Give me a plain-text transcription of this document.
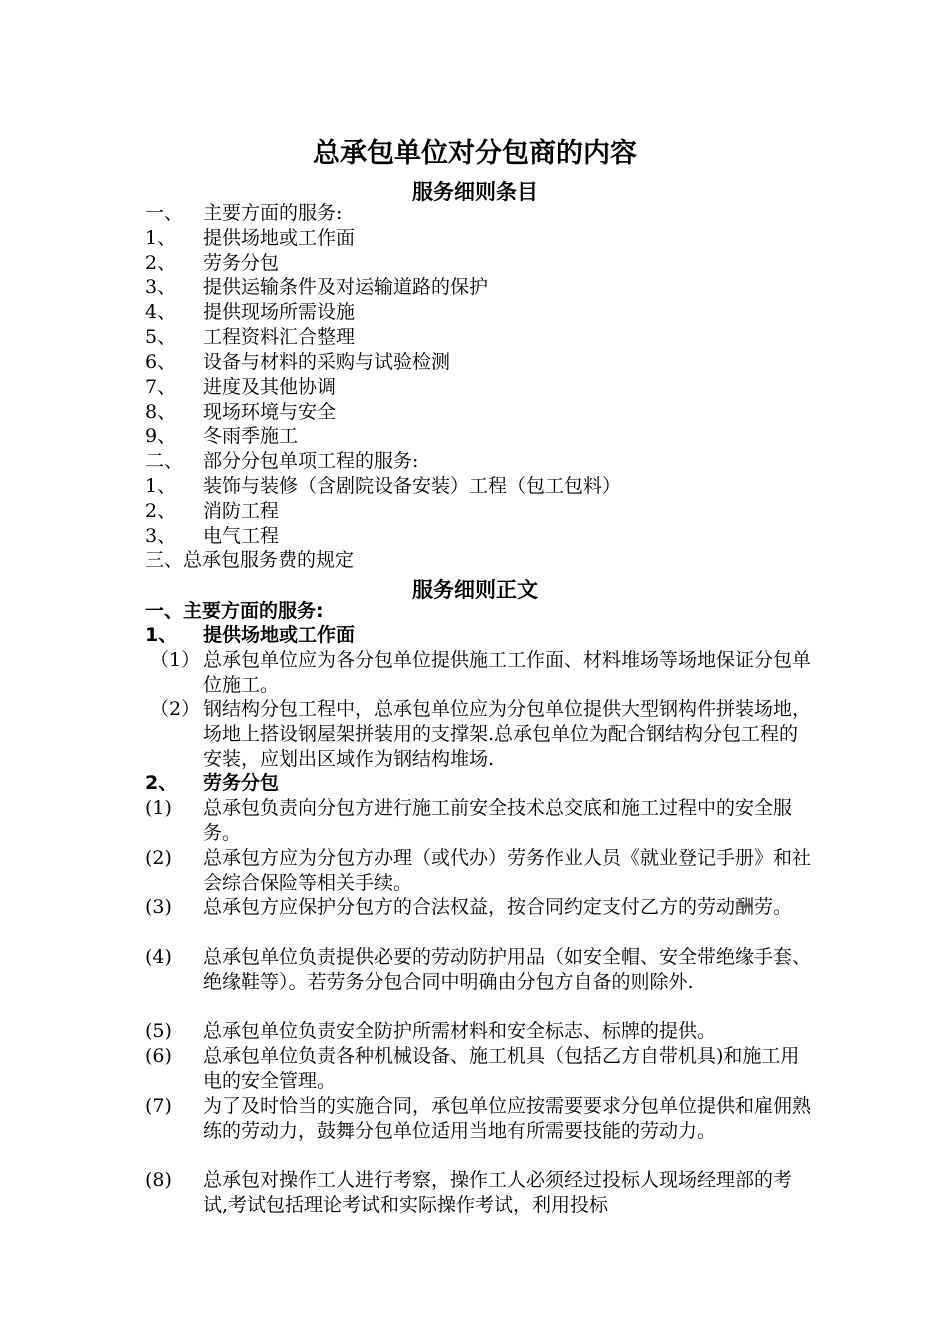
总承包单位对分包商的内容
服务细则条目
一、 主要方面的服务:
1、 提供场地或工作面
2、 劳务分包
3、 提供运输条件及对运输道路的保护
4、 提供现场所需设施
5、 工程资料汇合整理
6、 设备与材料的采购与试验检测
7、 进度及其他协调
8、 现场环境与安全
9、 冬雨季施工
二、 部分分包单项工程的服务:
1、 装饰与装修（含剧院设备安装）工程（包工包料）
2、 消防工程
3、 电气工程
三、总承包服务费的规定
服务细则正文
一、主要方面的服务:
1、 提供场地或工作面
（1） 总承包单位应为各分包单位提供施工工作面、材料堆场等场地保证分包单位施工。
（2） 钢结构分包工程中，总承包单位应为分包单位提供大型钢构件拼装场地，场地上搭设钢屋架拼装用的支撑架.总承包单位为配合钢结构分包工程的安装，应划出区域作为钢结构堆场.
2、 劳务分包
(1) 总承包负责向分包方进行施工前安全技术总交底和施工过程中的安全服务。
(2) 总承包方应为分包方办理（或代办）劳务作业人员《就业登记手册》和社会综合保险等相关手续。
(3) 总承包方应保护分包方的合法权益，按合同约定支付乙方的劳动酬劳。
(4) 总承包单位负责提供必要的劳动防护用品（如安全帽、安全带绝缘手套、绝缘鞋等）。若劳务分包合同中明确由分包方自备的则除外.
(5) 总承包单位负责安全防护所需材料和安全标志、标牌的提供。
(6) 总承包单位负责各种机械设备、施工机具（包括乙方自带机具)和施工用电的安全管理。
(7) 为了及时恰当的实施合同，承包单位应按需要要求分包单位提供和雇佣熟练的劳动力，鼓舞分包单位适用当地有所需要技能的劳动力。
(8) 总承包对操作工人进行考察，操作工人必须经过投标人现场经理部的考试,考试包括理论考试和实际操作考试，利用投标
